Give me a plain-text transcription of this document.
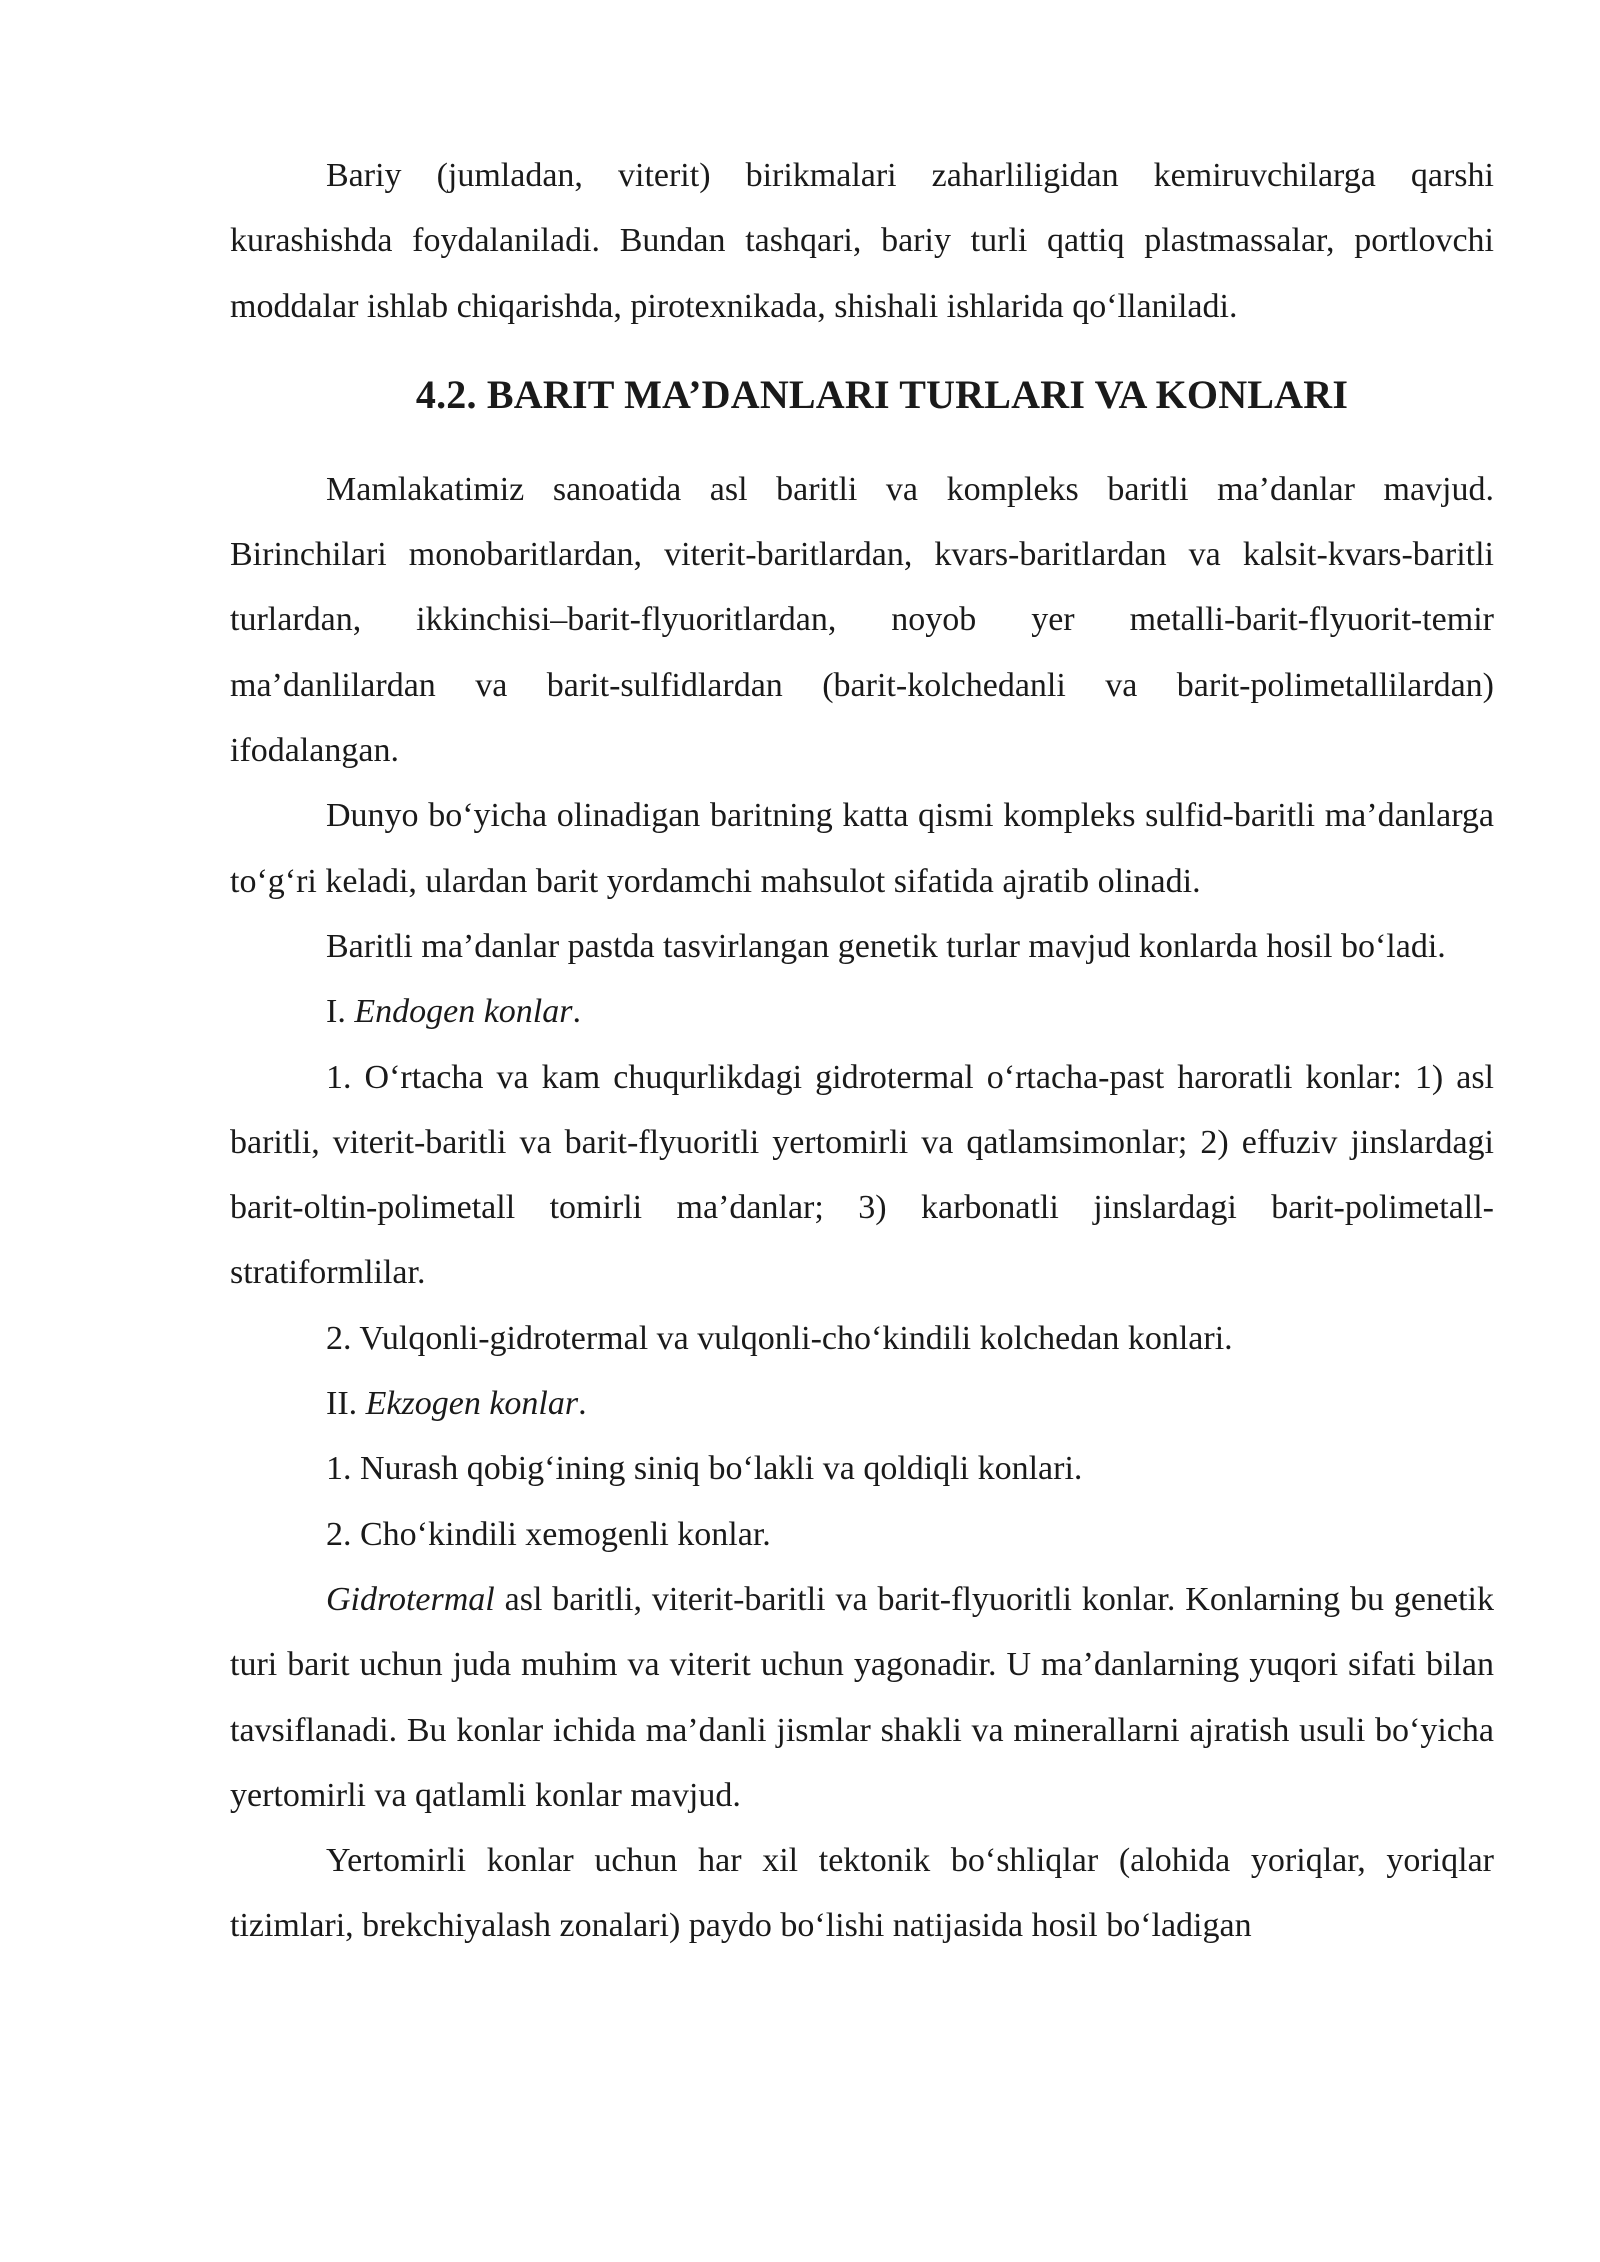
Bariy (jumladan, viterit) birikmalari zaharliligidan kemiruvchilarga qarshi kurashishda foydalaniladi. Bundan tashqari, bariy turli qattiq plastmassalar, portlovchi moddalar ishlab chiqarishda, pirotexnikada, shishali ishlarida qo‘llaniladi.

4.2. BARIT MA’DANLARI TURLARI VA KONLARI

Mamlakatimiz sanoatida asl baritli va kompleks baritli ma’danlar mavjud. Birinchilari monobaritlardan, viterit-baritlardan, kvars-baritlardan va kalsit-kvars-baritli turlardan, ikkinchisi–barit-flyuoritlardan, noyob yer metalli-barit-flyuorit-temir ma’danlilardan va barit-sulfidlardan (barit-kolchedanli va barit-polimetallilardan) ifodalangan.

Dunyo bo‘yicha olinadigan baritning katta qismi kompleks sulfid-baritli ma’danlarga to‘g‘ri keladi, ulardan barit yordamchi mahsulot sifatida ajratib olinadi.

Baritli ma’danlar pastda tasvirlangan genetik turlar mavjud konlarda hosil bo‘ladi.

I. Endogen konlar.

1. O‘rtacha va kam chuqurlikdagi gidrotermal o‘rtacha-past haroratli konlar: 1) asl baritli, viterit-baritli va barit-flyuoritli yertomirli va qatlamsimonlar; 2) effuziv jinslardagi barit-oltin-polimetall tomirli ma’danlar; 3) karbonatli jinslardagi barit-polimetall-stratiformlilar.

2. Vulqonli-gidrotermal va vulqonli-cho‘kindili kolchedan konlari.

II. Ekzogen konlar.

1. Nurash qobig‘ining siniq bo‘lakli va qoldiqli konlari.

2. Cho‘kindili xemogenli konlar.

Gidrotermal asl baritli, viterit-baritli va barit-flyuoritli konlar. Konlarning bu genetik turi barit uchun juda muhim va viterit uchun yagonadir. U ma’danlarning yuqori sifati bilan tavsiflanadi. Bu konlar ichida ma’danli jismlar shakli va minerallarni ajratish usuli bo‘yicha yertomirli va qatlamli konlar mavjud.

Yertomirli konlar uchun har xil tektonik bo‘shliqlar (alohida yoriqlar, yoriqlar tizimlari, brekchiyalash zonalari) paydo bo‘lishi natijasida hosil bo‘ladigan
